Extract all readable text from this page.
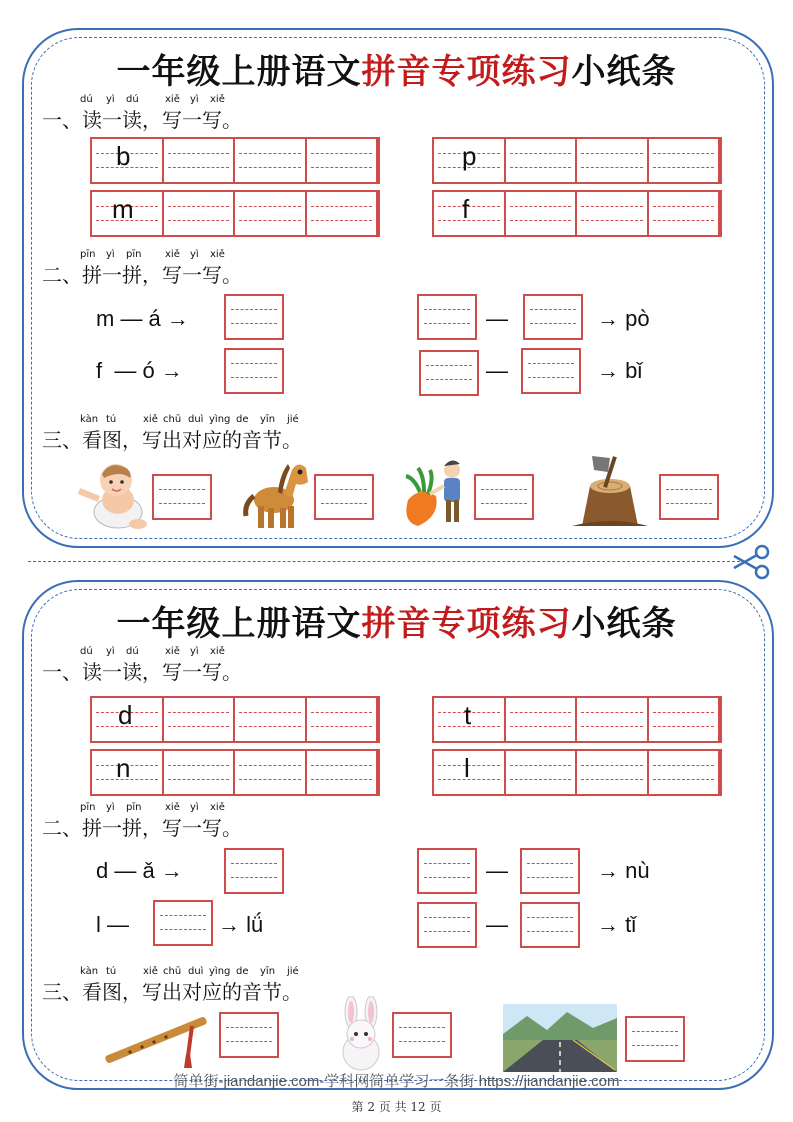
一年级上册语文拼音专项练习小纸条
dú yì dú	xiě yì xiě
一、读一读，写一写。
b	p
m	f
pīn yì pīn xiě yì xiě
二、拼一拼，写一写。
m — á →	—	→ pò
f  — ó →	—	→ bǐ
kàn tú	xiě chū duì yìng de yīn jié
三、看图，写出对应的音节。
一年级上册语文拼音专项练习小纸条
dú yì dú	xiě yì xiě
一、读一读，写一写。
d	t
n	l
pīn yì pīn xiě yì xiě
二、拼一拼，写一写。
d — ǎ →	—	→ nù
l —	→ lǘ	—	→ tǐ
kàn tú	xiě chū duì yìng de yīn jié
三、看图，写出对应的音节。
简单街-jiandanjie.com-学科网简单学习一条街 https://jiandanjie.com
第 2 页 共 12 页
